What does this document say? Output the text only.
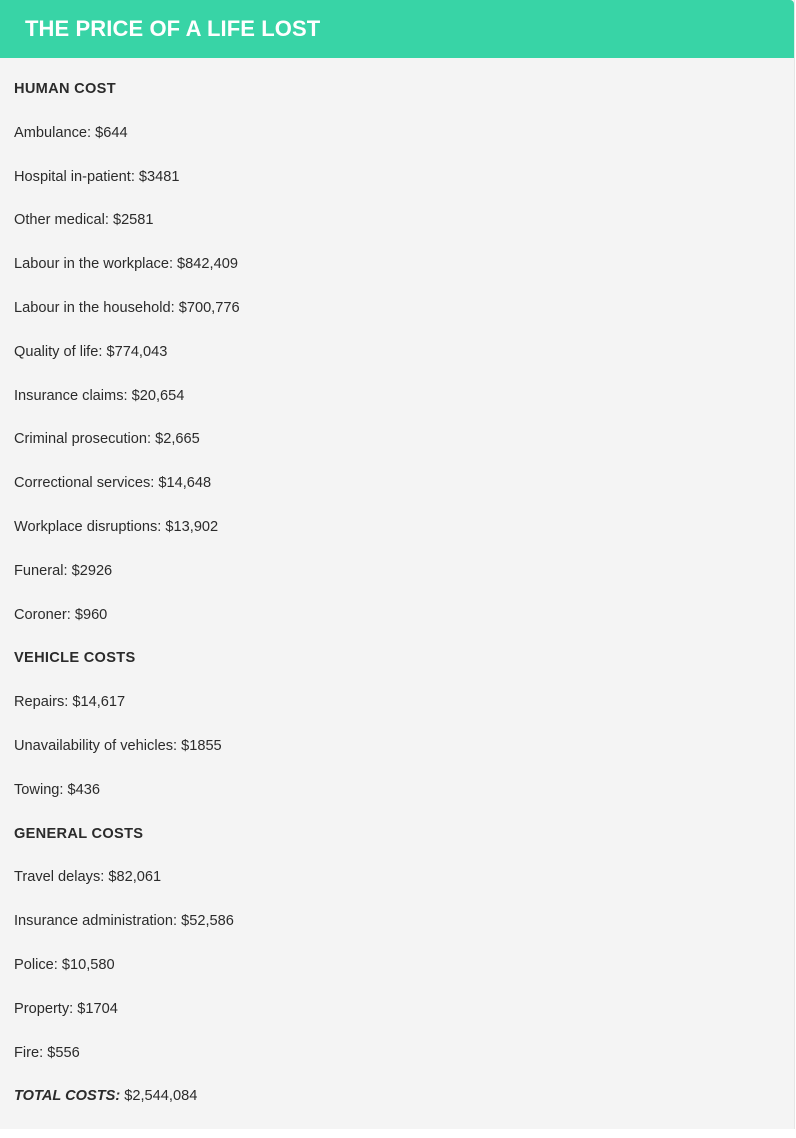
THE PRICE OF A LIFE LOST
HUMAN COST
Ambulance: $644
Hospital in-patient: $3481
Other medical: $2581
Labour in the workplace: $842,409
Labour in the household: $700,776
Quality of life: $774,043
Insurance claims: $20,654
Criminal prosecution: $2,665
Correctional services: $14,648
Workplace disruptions: $13,902
Funeral: $2926
Coroner: $960
VEHICLE COSTS
Repairs: $14,617
Unavailability of vehicles: $1855
Towing: $436
GENERAL COSTS
Travel delays: $82,061
Insurance administration: $52,586
Police: $10,580
Property: $1704
Fire: $556
TOTAL COSTS: $2,544,084
